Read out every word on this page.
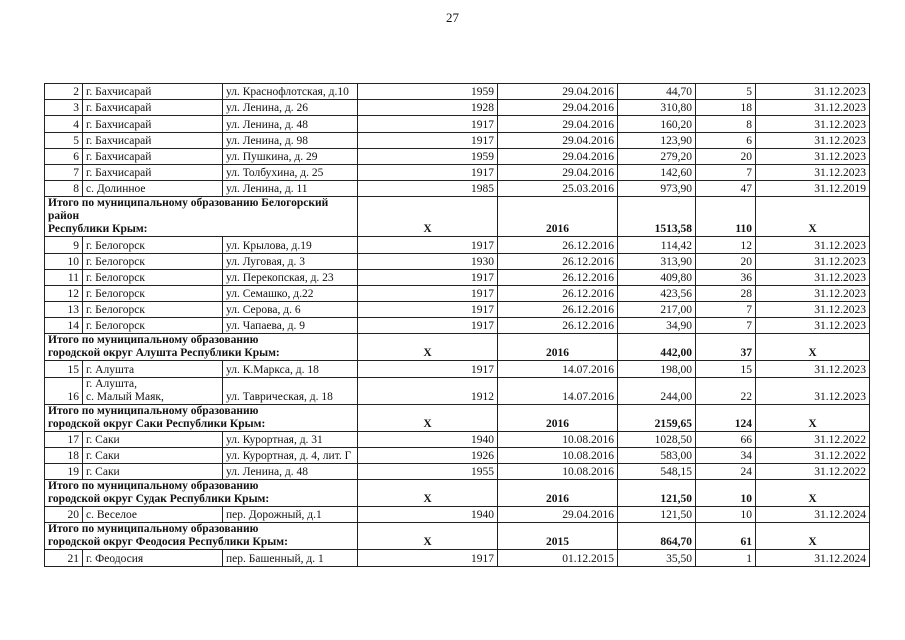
27
2	г. Бахчисарай	ул. Краснофлотская, д.10	1959	29.04.2016	44,70	5	31.12.2023
3	г. Бахчисарай	ул. Ленина, д. 26	1928	29.04.2016	310,80	18	31.12.2023
4	г. Бахчисарай	ул. Ленина, д. 48	1917	29.04.2016	160,20	8	31.12.2023
5	г. Бахчисарай	ул. Ленина, д. 98	1917	29.04.2016	123,90	6	31.12.2023
6	г. Бахчисарай	ул. Пушкина, д. 29	1959	29.04.2016	279,20	20	31.12.2023
7	г. Бахчисарай	ул. Толбухина, д. 25	1917	29.04.2016	142,60	7	31.12.2023
8	с. Долинное	ул. Ленина, д. 11	1985	25.03.2016	973,90	47	31.12.2019

Итого по муниципальному образованию Белогорский район
Республики Крым:			X	2016	1513,58	110	X
9	г. Белогорск	ул. Крылова, д.19	1917	26.12.2016	114,42	12	31.12.2023
10	г. Белогорск	ул. Луговая, д. 3	1930	26.12.2016	313,90	20	31.12.2023
11	г. Белогорск	ул. Перекопская, д. 23	1917	26.12.2016	409,80	36	31.12.2023
12	г. Белогорск	ул. Семашко, д.22	1917	26.12.2016	423,56	28	31.12.2023
13	г. Белогорск	ул. Серова, д. 6	1917	26.12.2016	217,00	7	31.12.2023
14	г. Белогорск	ул. Чапаева, д. 9	1917	26.12.2016	34,90	7	31.12.2023

Итого по муниципальному образованию
городской округ Алушта Республики Крым:			X	2016	442,00	37	X
15	г. Алушта	ул. К.Маркса, д. 18	1917	14.07.2016	198,00	15	31.12.2023
16	г. Алушта,
с. Малый Маяк,	ул. Таврическая, д. 18	1912	14.07.2016	244,00	22	31.12.2023

Итого по муниципальному образованию
городской округ Саки Республики Крым:			X	2016	2159,65	124	X
17	г. Саки	ул. Курортная, д. 31	1940	10.08.2016	1028,50	66	31.12.2022
18	г. Саки	ул. Курортная, д. 4, лит. Г	1926	10.08.2016	583,00	34	31.12.2022
19	г. Саки	ул. Ленина, д. 48	1955	10.08.2016	548,15	24	31.12.2022

Итого по муниципальному образованию
городской округ Судак Республики Крым:			X	2016	121,50	10	X
20	с. Веселое	пер. Дорожный, д.1	1940	29.04.2016	121,50	10	31.12.2024

Итого по муниципальному образованию
городской округ Феодосия Республики Крым:			X	2015	864,70	61	X
21	г. Феодосия	пер. Башенный, д. 1	1917	01.12.2015	35,50	1	31.12.2024
